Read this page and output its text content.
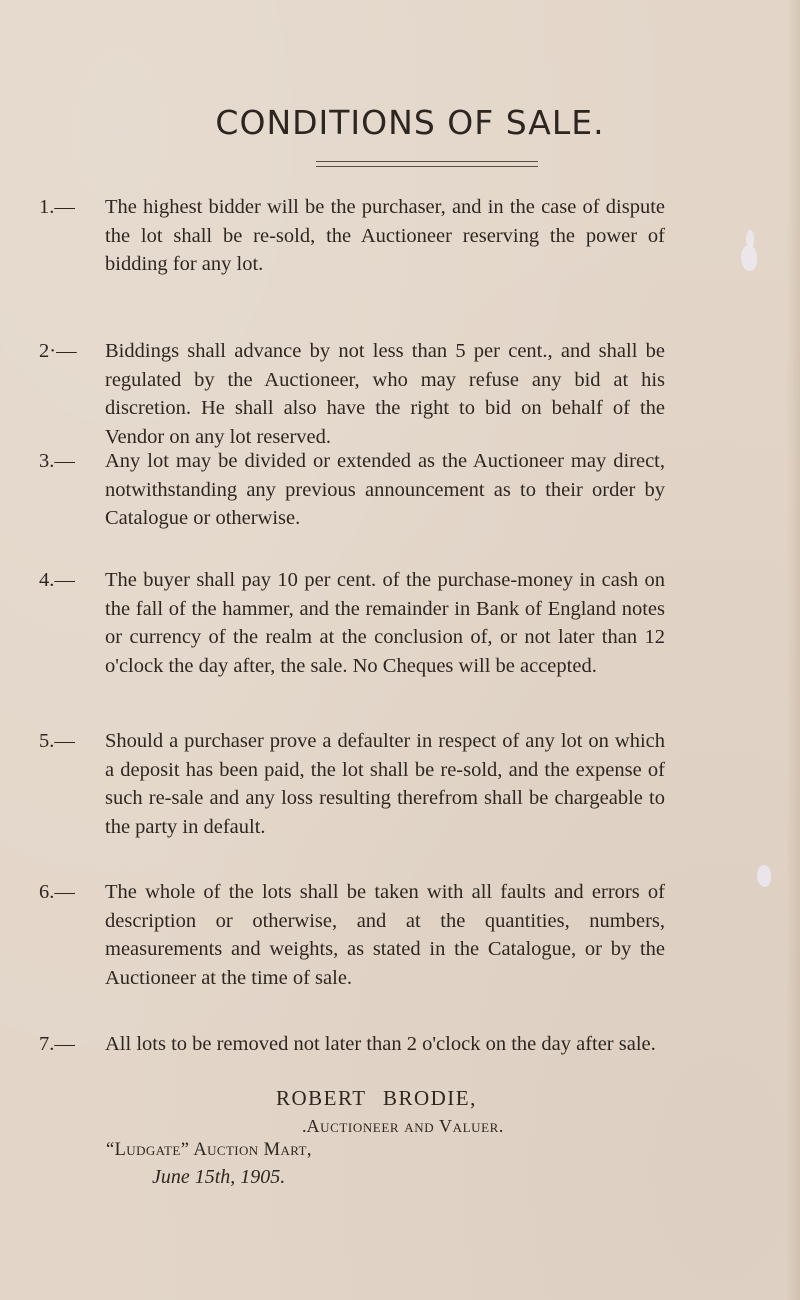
CONDITIONS OF SALE.
1.— The highest bidder will be the purchaser, and in the case of dispute the lot shall be re-sold, the Auctioneer reserving the power of bidding for any lot.
2·— Biddings shall advance by not less than 5 per cent., and shall be regulated by the Auctioneer, who may refuse any bid at his discretion. He shall also have the right to bid on behalf of the Vendor on any lot reserved.
3.— Any lot may be divided or extended as the Auctioneer may direct, notwithstanding any previous announcement as to their order by Catalogue or otherwise.
4.— The buyer shall pay 10 per cent. of the purchase-money in cash on the fall of the hammer, and the remainder in Bank of England notes or currency of the realm at the conclusion of, or not later than 12 o'clock the day after, the sale. No Cheques will be accepted.
5.— Should a purchaser prove a defaulter in respect of any lot on which a deposit has been paid, the lot shall be re-sold, and the expense of such re-sale and any loss resulting therefrom shall be chargeable to the party in default.
6.— The whole of the lots shall be taken with all faults and errors of description or otherwise, and at the quantities, numbers, measurements and weights, as stated in the Catalogue, or by the Auctioneer at the time of sale.
7.— All lots to be removed not later than 2 o'clock on the day after sale.
ROBERT BRODIE,
.Auctioneer and Valuer.
“Ludgate” Auction Mart,
June 15th, 1905.
